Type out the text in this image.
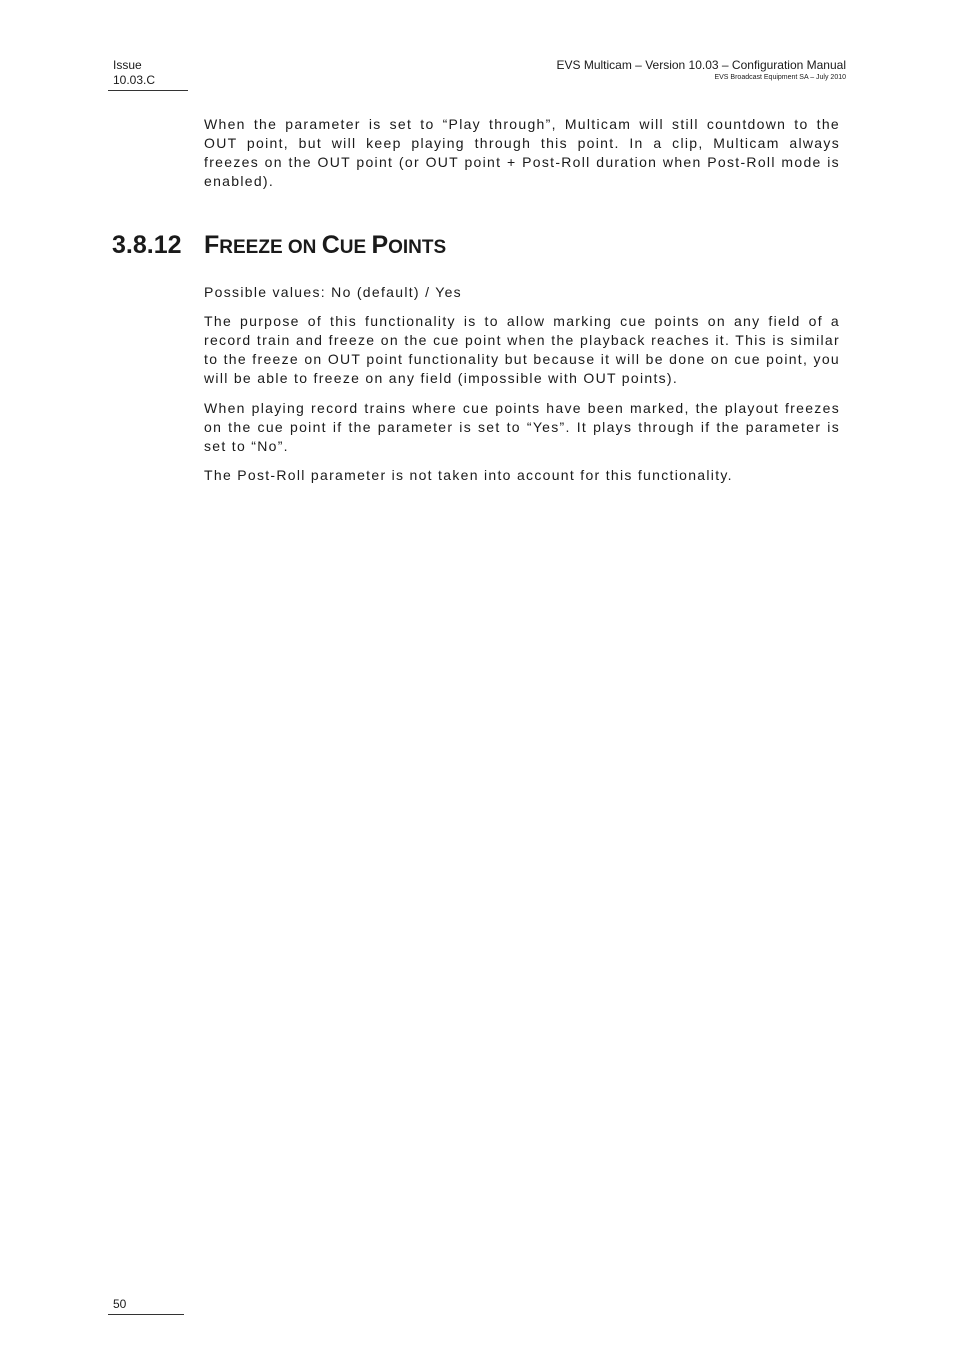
Issue
10.03.C
EVS Multicam – Version 10.03 – Configuration Manual
EVS Broadcast Equipment SA – July 2010

When the parameter is set to “Play through”, Multicam will still countdown to the OUT point, but will keep playing through this point. In a clip, Multicam always freezes on the OUT point (or OUT point + Post-Roll duration when Post-Roll mode is enabled).

3.8.12 FREEZE ON CUE POINTS

Possible values: No (default) / Yes

The purpose of this functionality is to allow marking cue points on any field of a record train and freeze on the cue point when the playback reaches it. This is similar to the freeze on OUT point functionality but because it will be done on cue point, you will be able to freeze on any field (impossible with OUT points).

When playing record trains where cue points have been marked, the playout freezes on the cue point if the parameter is set to “Yes”. It plays through if the parameter is set to “No”.

The Post-Roll parameter is not taken into account for this functionality.

50
